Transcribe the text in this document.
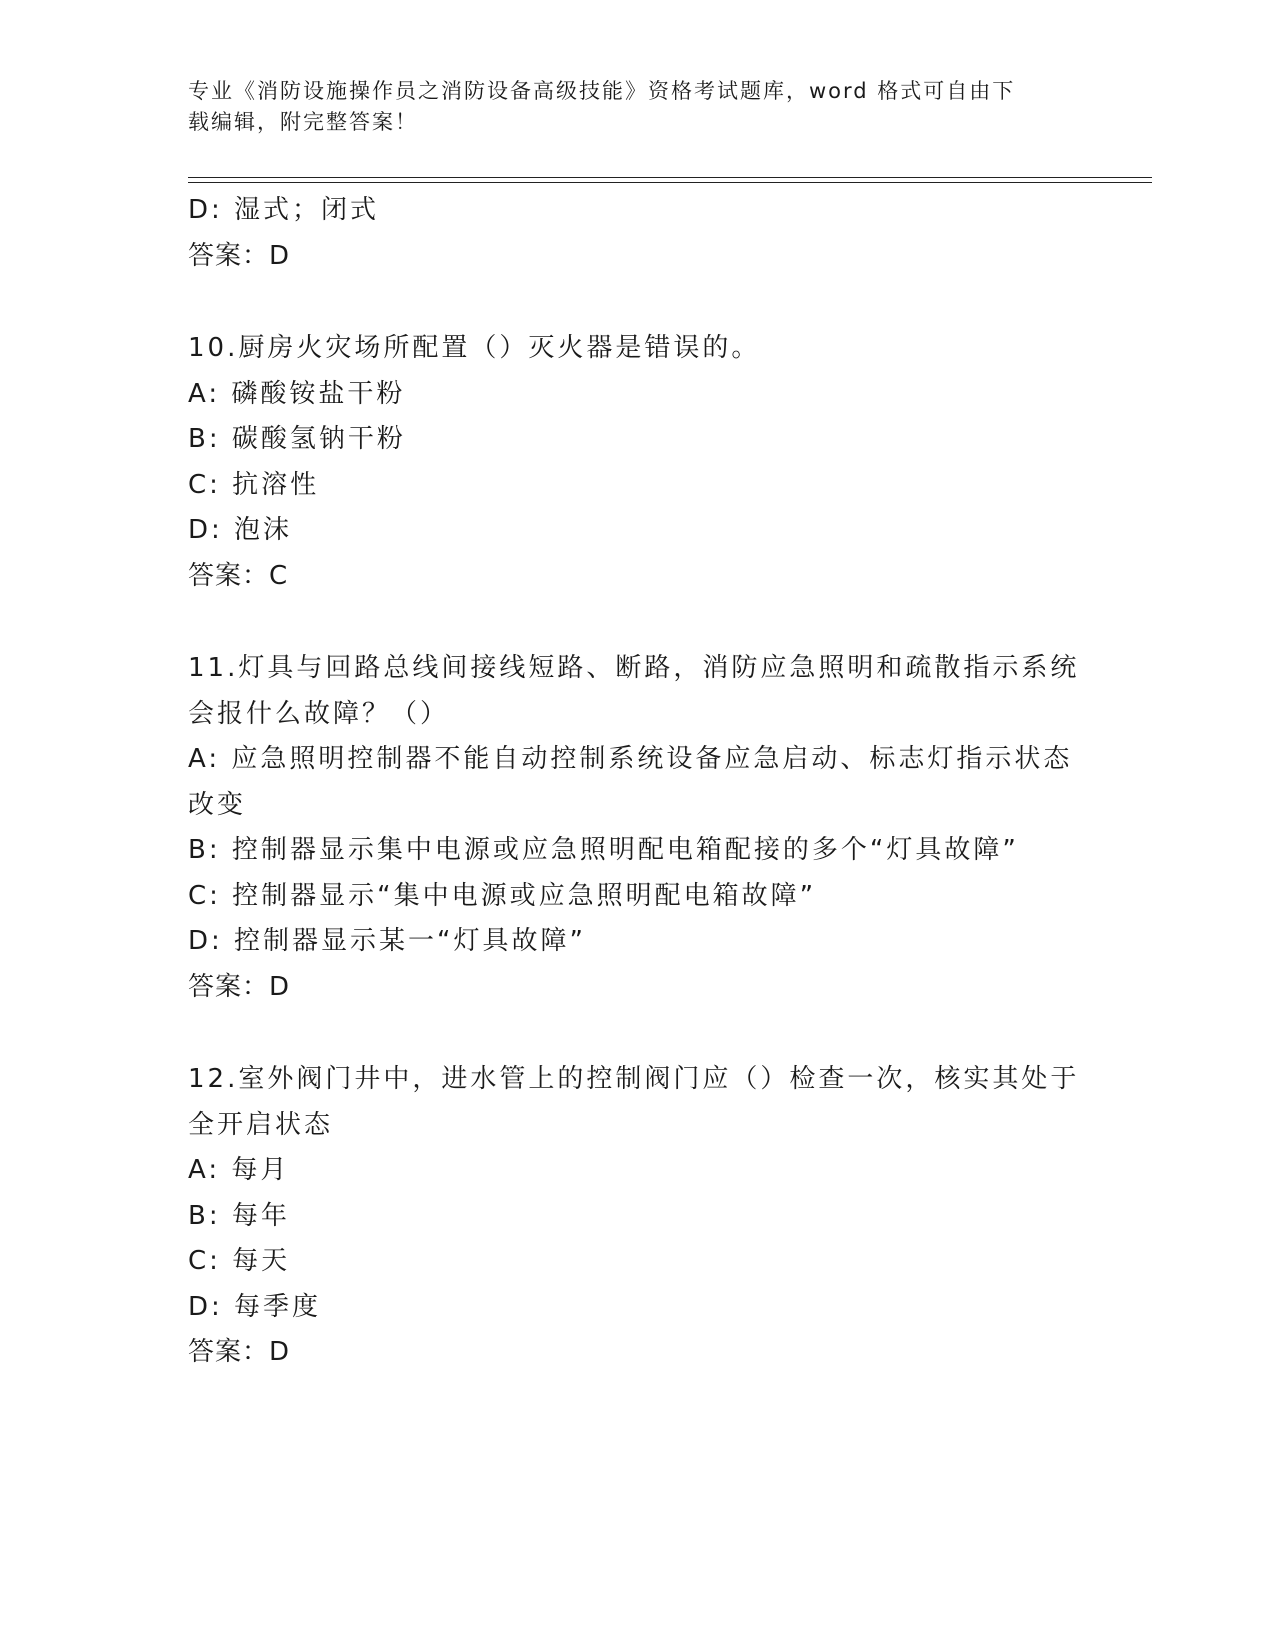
专业《消防设施操作员之消防设备高级技能》资格考试题库，word 格式可自由下
载编辑，附完整答案！
D: 湿式；闭式
答案：D
10.厨房火灾场所配置（）灭火器是错误的。
A: 磷酸铵盐干粉
B: 碳酸氢钠干粉
C: 抗溶性
D: 泡沫
答案：C
11.灯具与回路总线间接线短路、断路，消防应急照明和疏散指示系统
会报什么故障？（）
A: 应急照明控制器不能自动控制系统设备应急启动、标志灯指示状态
改变
B: 控制器显示集中电源或应急照明配电箱配接的多个“灯具故障”
C: 控制器显示“集中电源或应急照明配电箱故障”
D: 控制器显示某一“灯具故障”
答案：D
12.室外阀门井中，进水管上的控制阀门应（）检查一次，核实其处于
全开启状态
A: 每月
B: 每年
C: 每天
D: 每季度
答案：D
